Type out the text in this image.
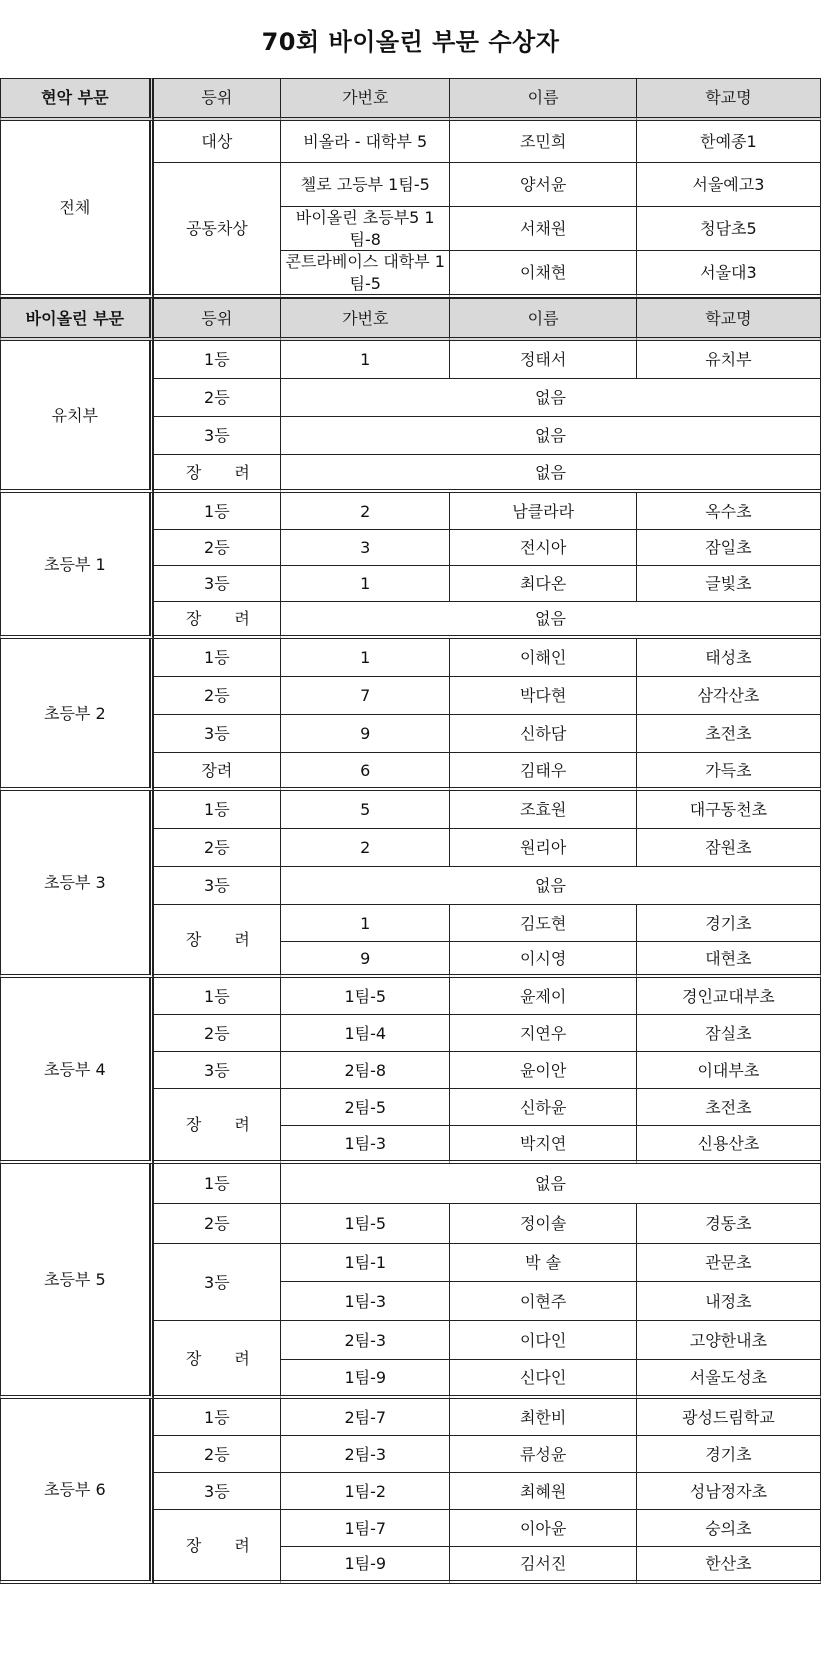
70회 바이올린 부문 수상자
현악 부문	등위	가번호	이름	학교명
전체	대상	비올라 - 대학부 5	조민희	한예종1
	공동차상	첼로 고등부 1팀-5	양서윤	서울예고3
		바이올린 초등부5 1팀-8	서채원	청담초5
		콘트라베이스 대학부 1팀-5	이채현	서울대3
바이올린 부문	등위	가번호	이름	학교명
유치부	1등	1	정태서	유치부
	2등	없음		
	3등	없음		
	장 려	없음		
초등부 1	1등	2	남클라라	옥수초
	2등	3	전시아	잠일초
	3등	1	최다온	글빛초
	장 려	없음		
초등부 2	1등	1	이해인	태성초
	2등	7	박다현	삼각산초
	3등	9	신하담	초전초
	장려	6	김태우	가득초
초등부 3	1등	5	조효원	대구동천초
	2등	2	원리아	잠원초
	3등	없음		
	장 려	1	김도현	경기초
		9	이시영	대현초
초등부 4	1등	1팀-5	윤제이	경인교대부초
	2등	1팀-4	지연우	잠실초
	3등	2팀-8	윤이안	이대부초
	장 려	2팀-5	신하윤	초전초
		1팀-3	박지연	신용산초
초등부 5	1등	없음		
	2등	1팀-5	정이솔	경동초
	3등	1팀-1	박 솔	관문초
		1팀-3	이현주	내정초
	장 려	2팀-3	이다인	고양한내초
		1팀-9	신다인	서울도성초
초등부 6	1등	2팀-7	최한비	광성드림학교
	2등	2팀-3	류성윤	경기초
	3등	1팀-2	최혜원	성남정자초
	장 려	1팀-7	이아윤	숭의초
		1팀-9	김서진	한산초
